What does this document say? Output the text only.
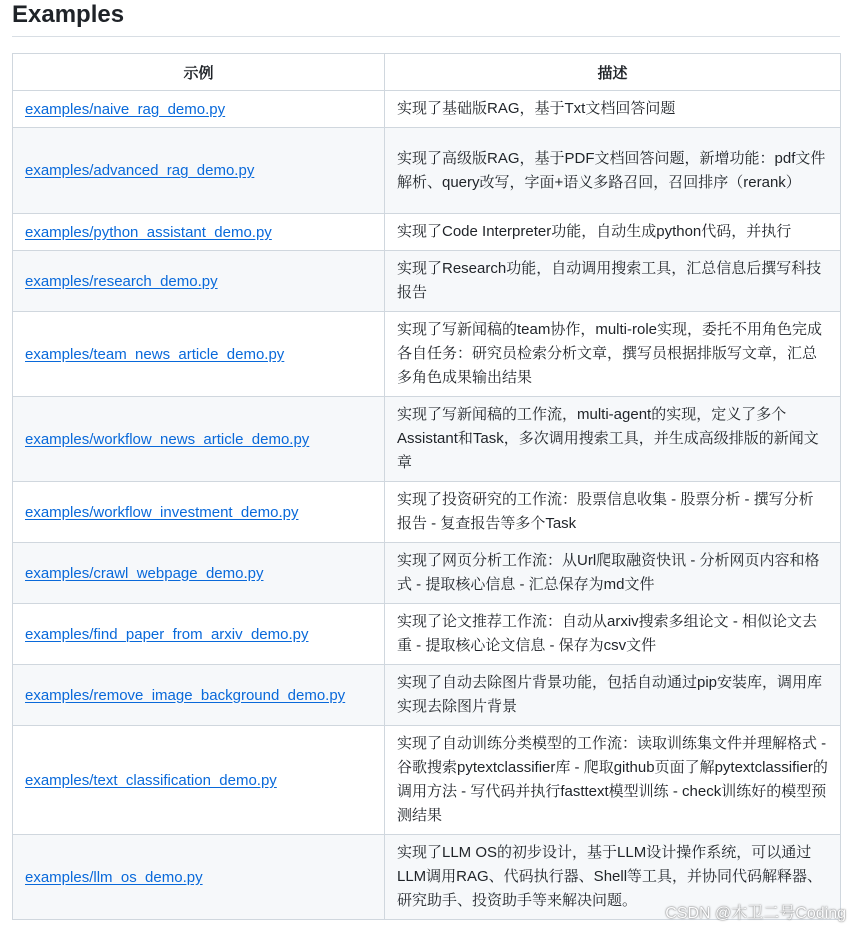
Examples
示例	描述
examples/naive_rag_demo.py	实现了基础版RAG，基于Txt文档回答问题

examples/advanced_rag_demo.py	实现了高级版RAG，基于PDF文档回答问题，新增功能：pdf文件解析、query改写，字面+语义多路召回，召回排序（rerank）

examples/python_assistant_demo.py	实现了Code Interpreter功能，自动生成python代码，并执行

examples/research_demo.py	实现了Research功能，自动调用搜索工具，汇总信息后撰写科技报告

examples/team_news_article_demo.py	实现了写新闻稿的team协作，multi-role实现，委托不用角色完成各自任务：研究员检索分析文章，撰写员根据排版写文章，汇总多角色成果输出结果

examples/workflow_news_article_demo.py	实现了写新闻稿的工作流，multi-agent的实现，定义了多个Assistant和Task，多次调用搜索工具，并生成高级排版的新闻文章

examples/workflow_investment_demo.py	实现了投资研究的工作流：股票信息收集 - 股票分析 - 撰写分析报告 - 复查报告等多个Task

examples/crawl_webpage_demo.py	实现了网页分析工作流：从Url爬取融资快讯 - 分析网页内容和格式 - 提取核心信息 - 汇总保存为md文件

examples/find_paper_from_arxiv_demo.py	实现了论文推荐工作流：自动从arxiv搜索多组论文 - 相似论文去重 - 提取核心论文信息 - 保存为csv文件

examples/remove_image_background_demo.py	实现了自动去除图片背景功能，包括自动通过pip安装库，调用库实现去除图片背景

examples/text_classification_demo.py	实现了自动训练分类模型的工作流：读取训练集文件并理解格式 - 谷歌搜索pytextclassifier库 - 爬取github页面了解pytextclassifier的调用方法 - 写代码并执行fasttext模型训练 - check训练好的模型预测结果

examples/llm_os_demo.py	实现了LLM OS的初步设计，基于LLM设计操作系统，可以通过LLM调用RAG、代码执行器、Shell等工具，并协同代码解释器、研究助手、投资助手等来解决问题。
CSDN @木卫二号Coding
